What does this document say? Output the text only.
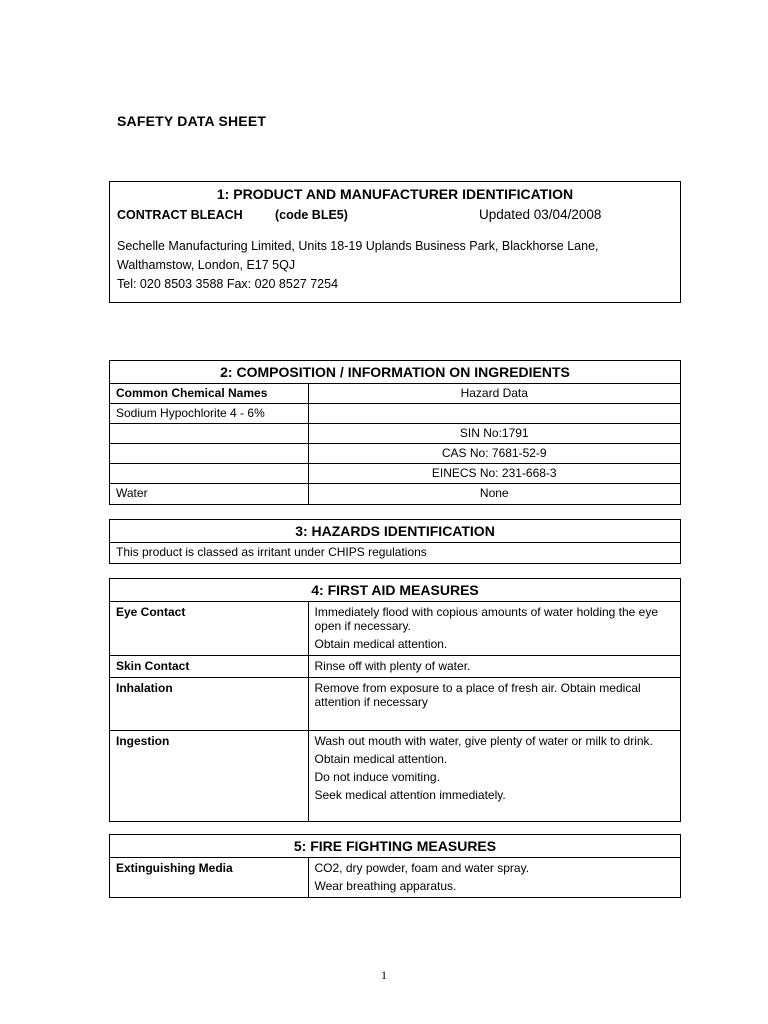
SAFETY DATA SHEET
1: PRODUCT AND MANUFACTURER IDENTIFICATION
CONTRACT BLEACH	(code BLE5)	Updated 03/04/2008
Sechelle Manufacturing Limited, Units 18-19 Uplands Business Park, Blackhorse Lane,
Walthamstow, London, E17 5QJ
Tel: 020 8503 3588 Fax: 020 8527 7254
2: COMPOSITION / INFORMATION ON INGREDIENTS
Common Chemical Names	Hazard Data
Sodium Hypochlorite 4 - 6%	
	SIN No:1791
	CAS No: 7681-52-9
	EINECS No: 231-668-3
Water	None
3: HAZARDS IDENTIFICATION
This product is classed as irritant under CHIPS regulations
4: FIRST AID MEASURES
Eye Contact	Immediately flood with copious amounts of water holding the eye open if necessary.

Obtain medical attention.

Skin Contact	Rinse off with plenty of water.

Inhalation	Remove from exposure to a place of fresh air. Obtain medical attention if necessary

Ingestion	Wash out mouth with water, give plenty of water or milk to drink.

Obtain medical attention.

Do not induce vomiting.

Seek medical attention immediately.

5: FIRE FIGHTING MEASURES
Extinguishing Media	CO2, dry powder, foam and water spray.

Wear breathing apparatus.

1
